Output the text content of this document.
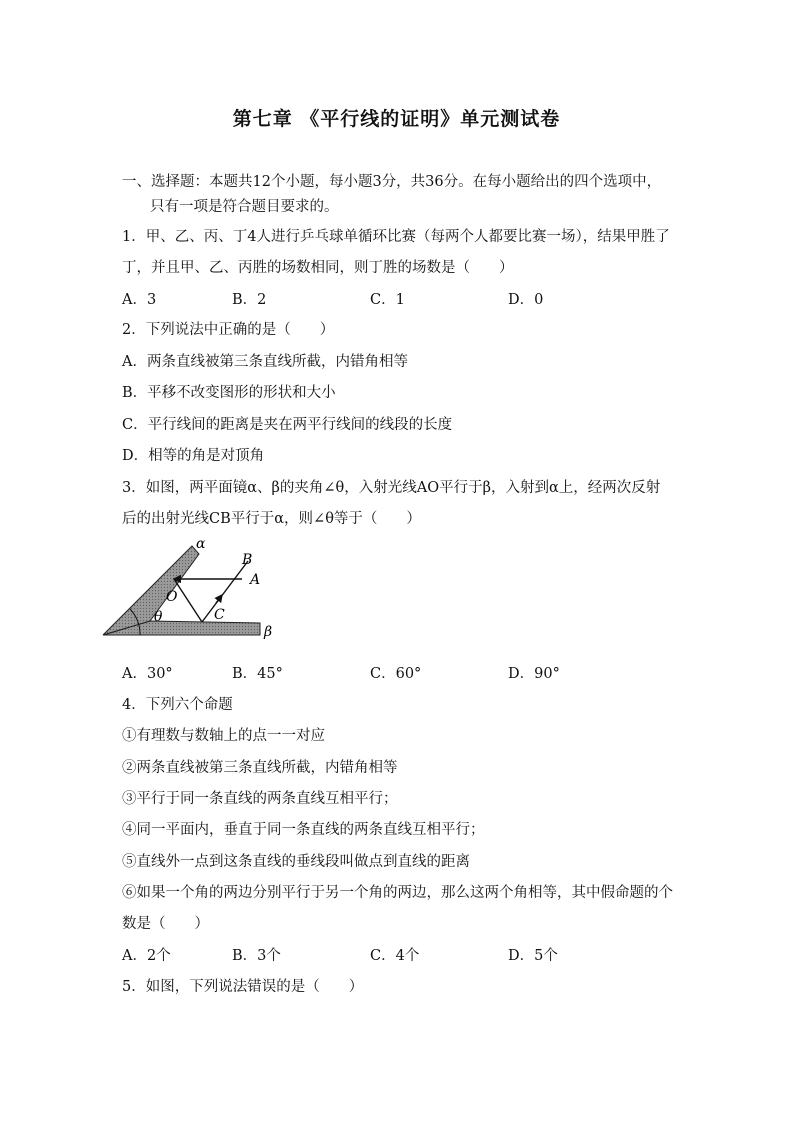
第七章 《平行线的证明》单元测试卷
一、选择题：本题共12个小题，每小题3分，共36分。在每小题给出的四个选项中，
只有一项是符合题目要求的。
1．甲、乙、丙、丁4人进行乒乓球单循环比赛（每两个人都要比赛一场），结果甲胜了
丁，并且甲、乙、丙胜的场数相同，则丁胜的场数是（　　）
A．3	B．2	C．1	D．0
2．下列说法中正确的是（　　）
A．两条直线被第三条直线所截，内错角相等
B．平移不改变图形的形状和大小
C．平行线间的距离是夹在两平行线间的线段的长度
D．相等的角是对顶角
3．如图，两平面镜α、β的夹角∠θ，入射光线AO平行于β，入射到α上，经两次反射
后的出射光线CB平行于α，则∠θ等于（　　）
α
B
A
O
C
θ
β
A．30°	B．45°	C．60°	D．90°
4．下列六个命题
①有理数与数轴上的点一一对应
②两条直线被第三条直线所截，内错角相等
③平行于同一条直线的两条直线互相平行；
④同一平面内，垂直于同一条直线的两条直线互相平行；
⑤直线外一点到这条直线的垂线段叫做点到直线的距离
⑥如果一个角的两边分别平行于另一个角的两边，那么这两个角相等，其中假命题的个
数是（　　）
A．2个	B．3个	C．4个	D．5个
5．如图，下列说法错误的是（　　）
